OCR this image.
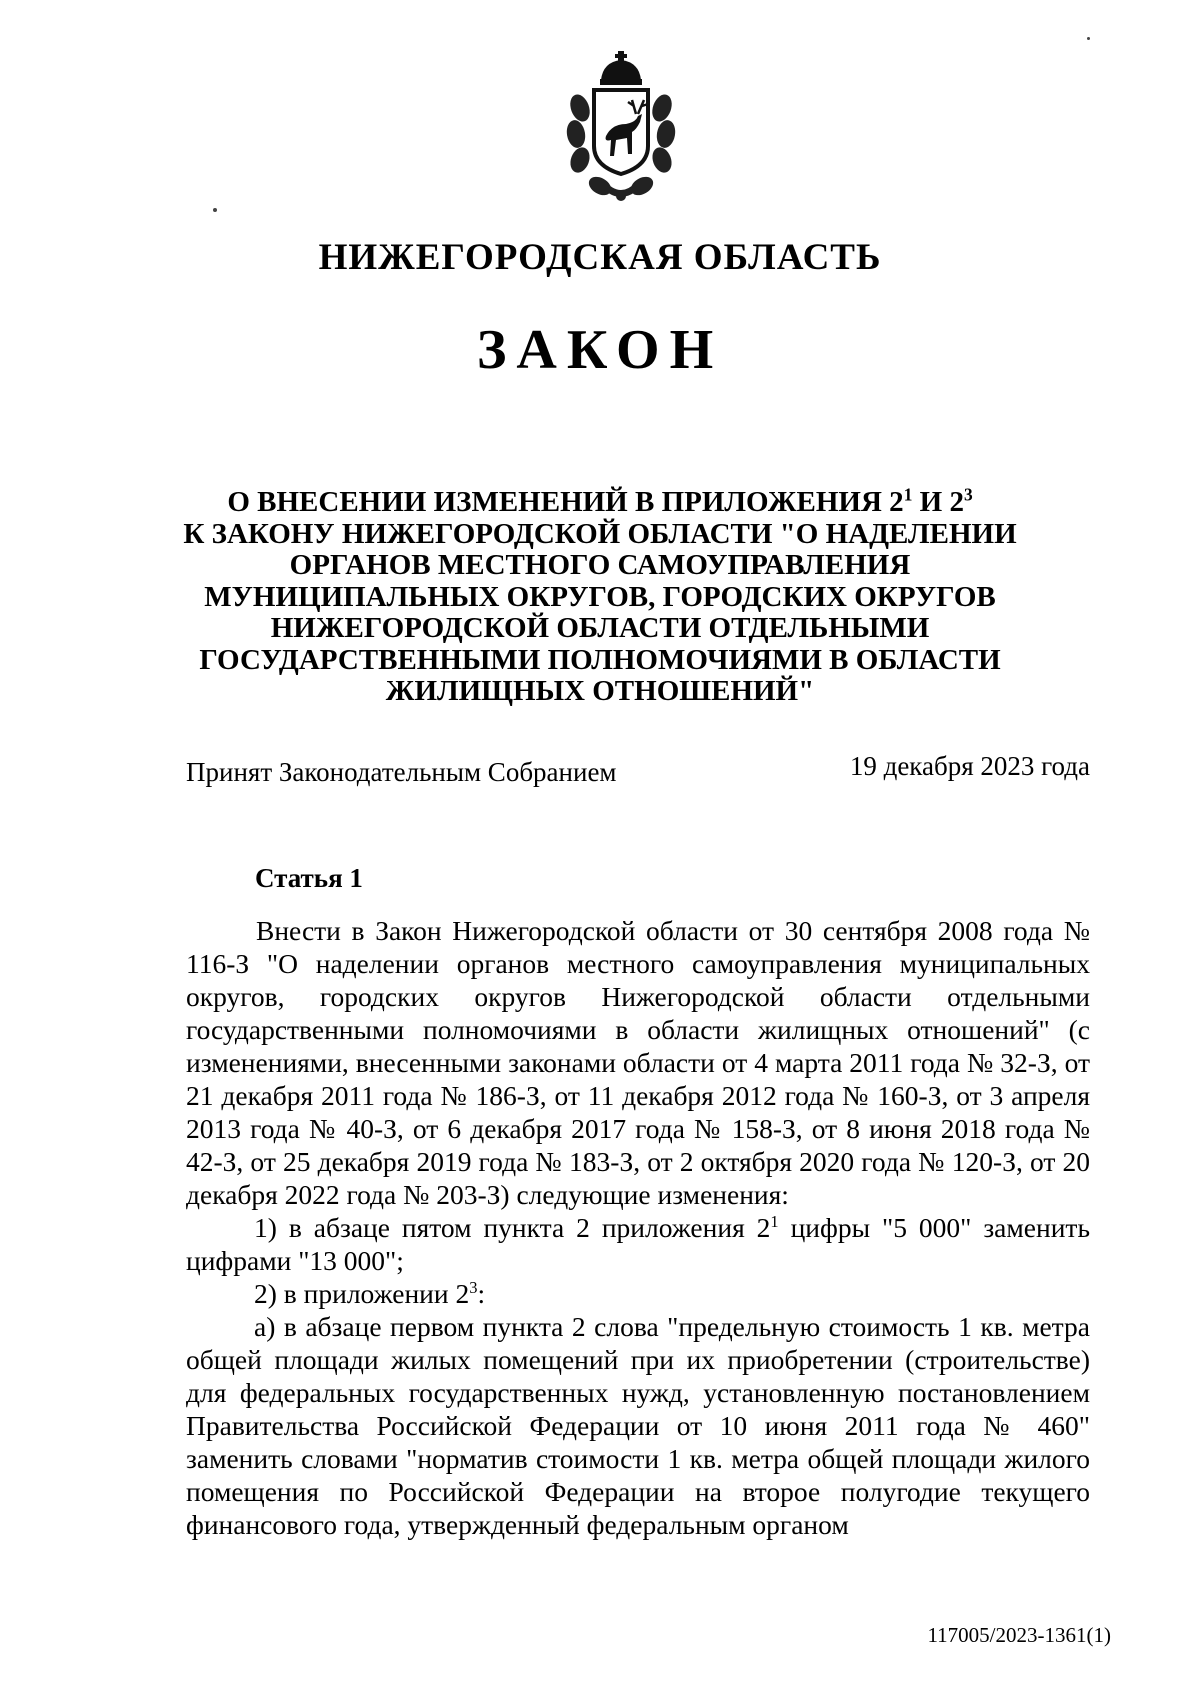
НИЖЕГОРОДСКАЯ ОБЛАСТЬ
ЗАКОН
О ВНЕСЕНИИ ИЗМЕНЕНИЙ В ПРИЛОЖЕНИЯ $2^1$ И $2^3$
К ЗАКОНУ НИЖЕГОРОДСКОЙ ОБЛАСТИ "О НАДЕЛЕНИИ ОРГАНОВ МЕСТНОГО САМОУПРАВЛЕНИЯ МУНИЦИПАЛЬНЫХ ОКРУГОВ, ГОРОДСКИХ ОКРУГОВ НИЖЕГОРОДСКОЙ ОБЛАСТИ ОТДЕЛЬНЫМИ ГОСУДАРСТВЕННЫМИ ПОЛНОМОЧИЯМИ В ОБЛАСТИ ЖИЛИЩНЫХ ОТНОШЕНИЙ"
Принят Законодательным Собранием	19 декабря 2023 года
Статья 1

Внести в Закон Нижегородской области от 30 сентября 2008 года № 116-З "О наделении органов местного самоуправления муниципальных округов, городских округов Нижегородской области отдельными государственными полномочиями в области жилищных отношений" (с изменениями, внесенными законами области от 4 марта 2011 года № 32-З, от 21 декабря 2011 года № 186-З, от 11 декабря 2012 года № 160-З, от 3 апреля 2013 года № 40-З, от 6 декабря 2017 года № 158-З, от 8 июня 2018 года № 42-З, от 25 декабря 2019 года № 183-З, от 2 октября 2020 года № 120-З, от 20 декабря 2022 года № 203-З) следующие изменения:

1) в абзаце пятом пункта 2 приложения $2^1$ цифры "5 000" заменить цифрами "13 000";

2) в приложении $2^3$:

а) в абзаце первом пункта 2 слова "предельную стоимость 1 кв. метра общей площади жилых помещений при их приобретении (строительстве) для федеральных государственных нужд, установленную постановлением Правительства Российской Федерации от 10 июня 2011 года № 460" заменить словами "норматив стоимости 1 кв. метра общей площади жилого помещения по Российской Федерации на второе полугодие текущего финансового года, утвержденный федеральным органом

117005/2023-1361(1)
